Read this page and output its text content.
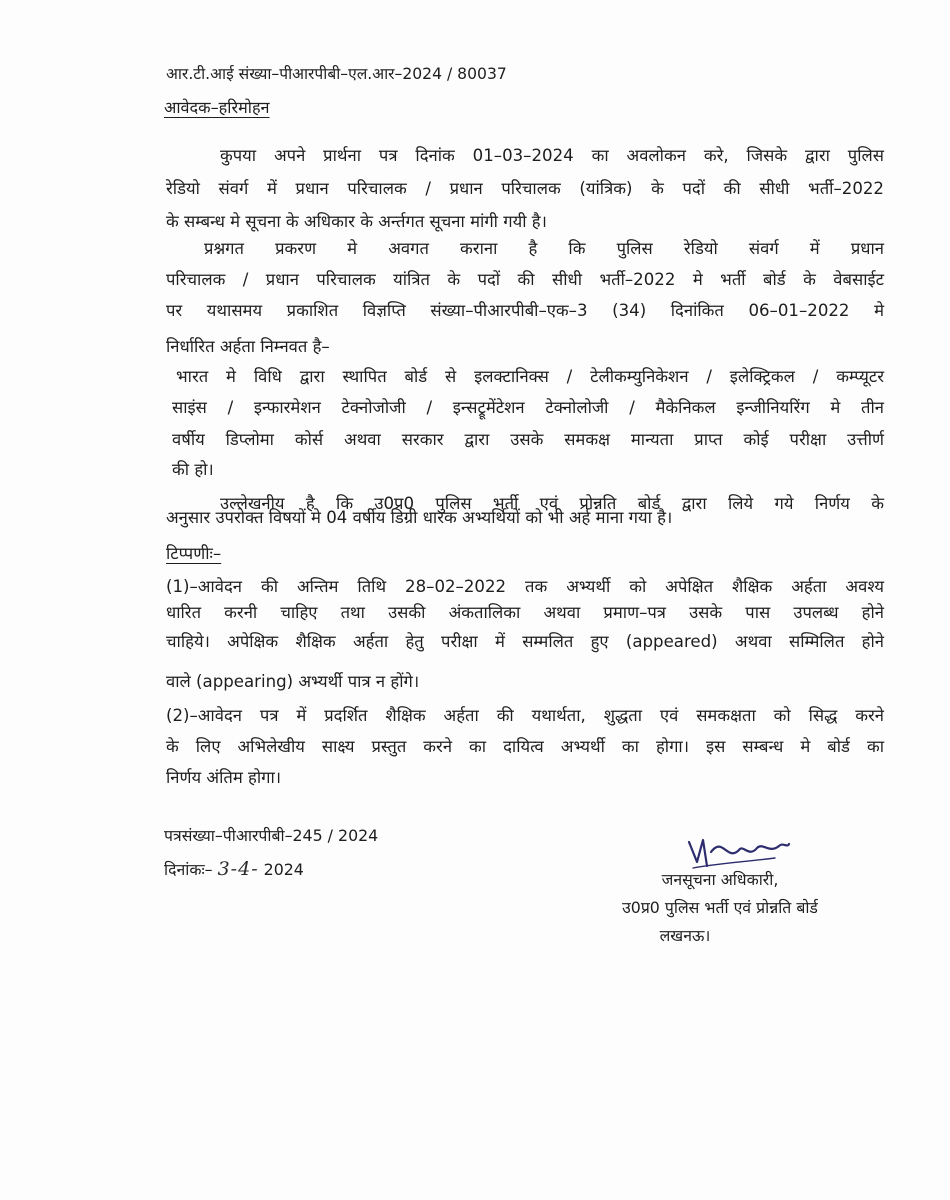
आर.टी.आई संख्या–पीआरपीबी–एल.आर–2024 / 80037
आवेदक–हरिमोहन
कुपया अपने प्रार्थना पत्र दिनांक 01–03–2024 का अवलोकन करे, जिसके द्वारा पुलिस
रेडियो संवर्ग में प्रधान परिचालक / प्रधान परिचालक (यांत्रिक) के पदों की सीधी भर्ती–2022
के सम्बन्ध मे सूचना के अधिकार के अर्न्तगत सूचना मांगी गयी है।
प्रश्नगत प्रकरण मे अवगत कराना है कि पुलिस रेडियो संवर्ग में प्रधान
परिचालक / प्रधान परिचालक यांत्रित के पदों की सीधी भर्ती–2022 मे भर्ती बोर्ड के वेबसाईट
पर यथासमय प्रकाशित विज्ञप्ति संख्या–पीआरपीबी–एक–3 (34) दिनांकित 06–01–2022 मे
निर्धारित अर्हता निम्नवत है–
भारत मे विधि द्वारा स्थापित बोर्ड से इलक्टानिक्स / टेलीकम्युनिकेशन / इलेक्ट्रिकल / कम्प्यूटर
साइंस / इन्फारमेशन टेक्नोजोजी / इन्सट्रूमेंटेशन टेक्नोलोजी / मैकेनिकल इन्जीनियरिंग मे तीन
वर्षीय डिप्लोमा कोर्स अथवा सरकार द्वारा उसके समकक्ष मान्यता प्राप्त कोई परीक्षा उत्तीर्ण
की हो।
उल्लेखनीय है कि उ0प्र0 पुलिस भर्ती एवं प्रोन्नति बोर्ड द्वारा लिये गये निर्णय के
अनुसार उपरोक्त विषयों मे 04 वर्षीय डिग्री धारक अभ्यर्थियों को भी अर्ह माना गया है।
टिप्पणीः–
(1)–आवेदन की अन्तिम तिथि 28–02–2022 तक अभ्यर्थी को अपेक्षित शैक्षिक अर्हता अवश्य
धारित करनी चाहिए तथा उसकी अंकतालिका अथवा प्रमाण–पत्र उसके पास उपलब्ध होने
चाहिये। अपेक्षिक शैक्षिक अर्हता हेतु परीक्षा में सम्मलित हुए (appeared) अथवा सम्मिलित होने
वाले (appearing) अभ्यर्थी पात्र न होंगे।
(2)–आवेदन पत्र में प्रदर्शित शैक्षिक अर्हता की यथार्थता, शुद्धता एवं समकक्षता को सिद्ध करने
के लिए अभिलेखीय साक्ष्य प्रस्तुत करने का दायित्व अभ्यर्थी का होगा। इस सम्बन्ध मे बोर्ड का
निर्णय अंतिम होगा।
पत्रसंख्या–पीआरपीबी–245 / 2024
दिनांकः– 3-4- 2024
जनसूचना अधिकारी,
उ0प्र0 पुलिस भर्ती एवं प्रोन्नति बोर्ड
लखनऊ।
